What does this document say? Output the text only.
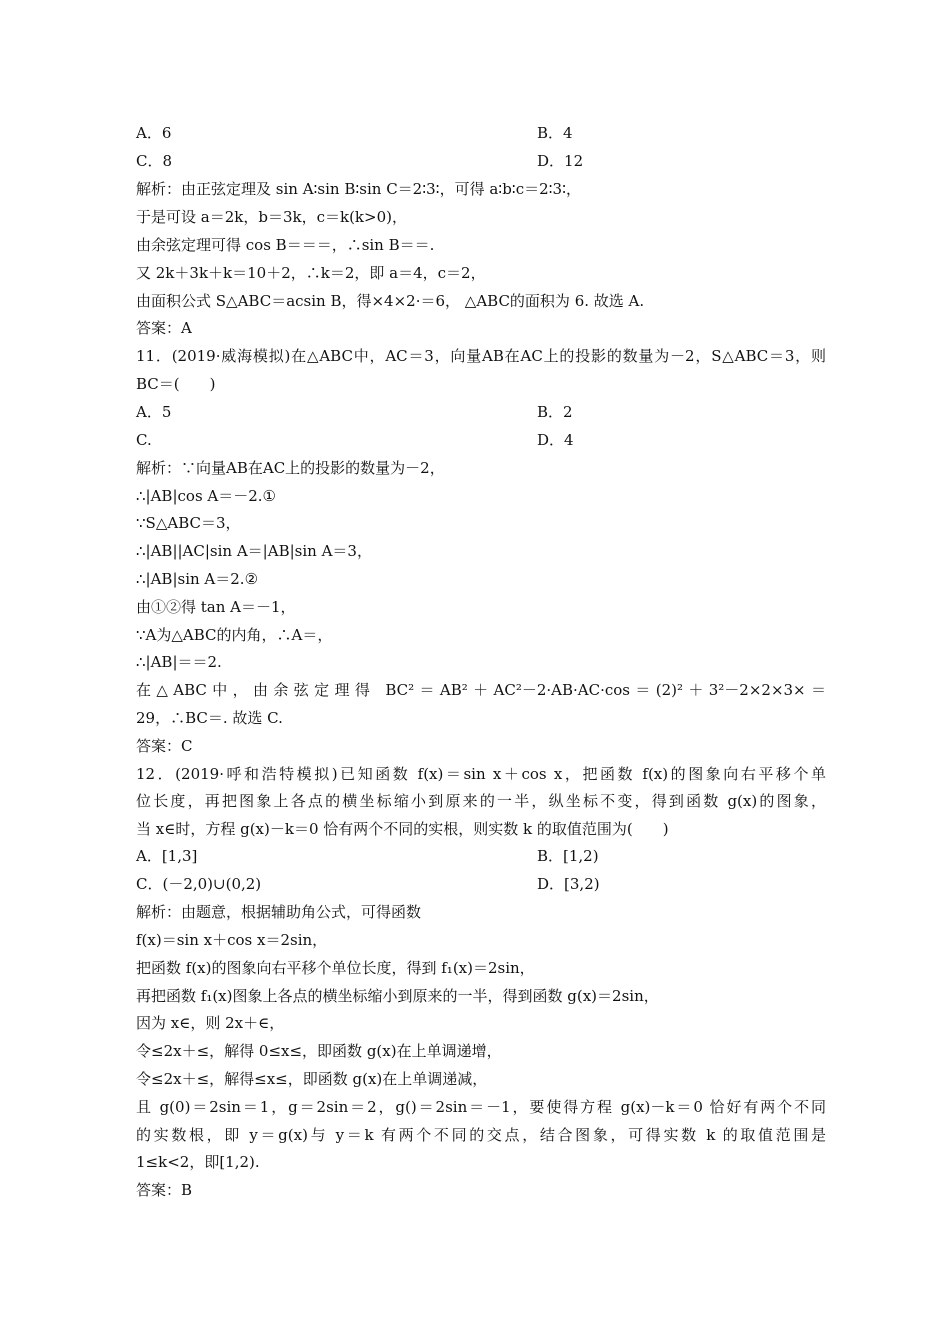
A．6	B．4
C．8	D．12
解析：由正弦定理及 sin A∶sin B∶sin C＝2∶3∶，可得 a∶b∶c＝2∶3∶，
于是可设 a＝2k，b＝3k，c＝k(k>0)，
由余弦定理可得 cos B＝＝＝，∴sin B＝＝.
又 2k＋3k＋k＝10＋2，∴k＝2，即 a＝4，c＝2，
由面积公式 S△ABC＝acsin B，得×4×2·＝6， △ABC的面积为 6. 故选 A.
答案：A
11．(2019·威海模拟)在△ABC中，AC＝3，向量AB在AC上的投影的数量为－2，S△ABC＝3，则
BC＝(　　)
A．5	B．2
C.	D．4
解析：∵向量AB在AC上的投影的数量为－2，
∴|AB|cos A＝－2.①
∵S△ABC＝3，
∴|AB||AC|sin A＝|AB|sin A＝3，
∴|AB|sin A＝2.②
由①②得 tan A＝－1，
∵A为△ABC的内角，∴A＝，
∴|AB|＝＝2.
在△ABC中，由余弦定理得 BC²＝AB²＋AC²－2·AB·AC·cos＝(2)²＋3²－2×2×3×＝
29，∴BC＝. 故选 C.
答案：C
12．(2019·呼和浩特模拟)已知函数 f(x)＝sin x＋cos x，把函数 f(x)的图象向右平移个单
位长度，再把图象上各点的横坐标缩小到原来的一半，纵坐标不变，得到函数 g(x)的图象，
当 x∈时，方程 g(x)－k＝0 恰有两个不同的实根，则实数 k 的取值范围为(　　)
A．[1,3]	B．[1,2)
C．(－2,0)∪(0,2)	D．[3,2)
解析：由题意，根据辅助角公式，可得函数
f(x)＝sin x＋cos x＝2sin，
把函数 f(x)的图象向右平移个单位长度，得到 f₁(x)＝2sin，
再把函数 f₁(x)图象上各点的横坐标缩小到原来的一半，得到函数 g(x)＝2sin，
因为 x∈，则 2x＋∈，
令≤2x＋≤，解得 0≤x≤，即函数 g(x)在上单调递增，
令≤2x＋≤，解得≤x≤，即函数 g(x)在上单调递减，
且 g(0)＝2sin＝1，g＝2sin＝2，g()＝2sin＝－1，要使得方程 g(x)－k＝0 恰好有两个不同
的实数根，即 y＝g(x)与 y＝k 有两个不同的交点，结合图象，可得实数 k 的取值范围是
1≤k<2，即[1,2).
答案：B
